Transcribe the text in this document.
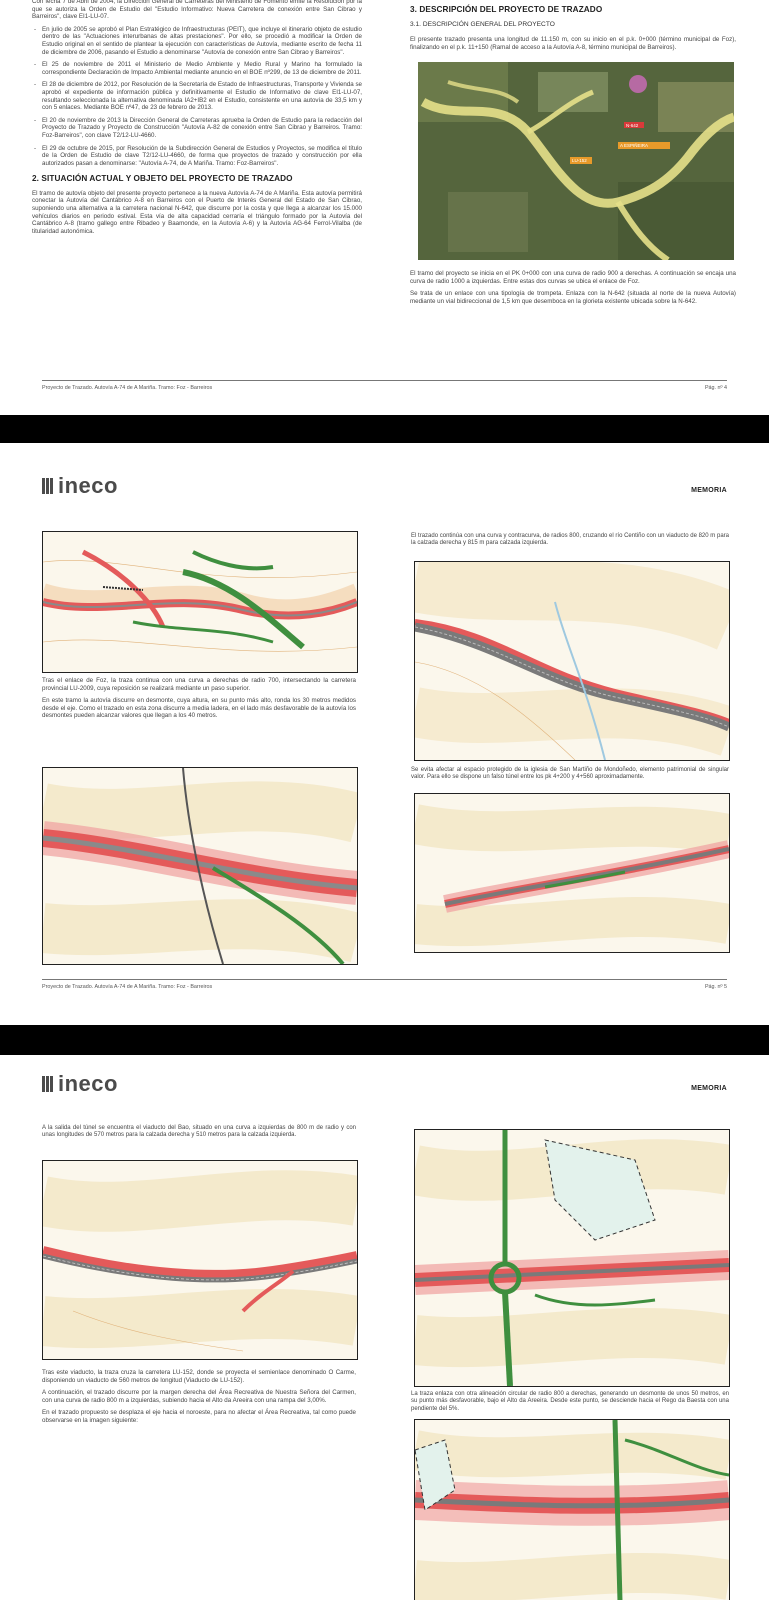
Con fecha 7 de Abril de 2004, la Dirección General de Carreteras del Ministerio de Fomento emite la Resolución por la que se autoriza la Orden de Estudio del "Estudio Informativo: Nueva Carretera de conexión entre San Cibrao y Barreiros", clave EI1-LU-07.

- En julio de 2005 se aprobó el Plan Estratégico de Infraestructuras (PEIT), que incluye el itinerario objeto de estudio dentro de las "Actuaciones interurbanas de altas prestaciones". Por ello, se procedió a modificar la Orden de Estudio original en el sentido de plantear la ejecución con características de Autovía, mediante escrito de fecha 11 de diciembre de 2006, pasando el Estudio a denominarse "Autovía de conexión entre San Cibrao y Barreiros".

- El 25 de noviembre de 2011 el Ministerio de Medio Ambiente y Medio Rural y Marino ha formulado la correspondiente Declaración de Impacto Ambiental mediante anuncio en el BOE nº299, de 13 de diciembre de 2011.

- El 28 de diciembre de 2012, por Resolución de la Secretaría de Estado de Infraestructuras, Transporte y Vivienda se aprobó el expediente de información pública y definitivamente el Estudio de Informativo de clave EI1-LU-07, resultando seleccionada la alternativa denominada IA2+IB2 en el Estudio, consistente en una autovía de 33,5 km y con 5 enlaces. Mediante BOE nº47, de 23 de febrero de 2013.

- El 20 de noviembre de 2013 la Dirección General de Carreteras aprueba la Orden de Estudio para la redacción del Proyecto de Trazado y Proyecto de Construcción "Autovía A-82 de conexión entre San Cibrao y Barreiros. Tramo: Foz-Barreiros", con clave T2/12-LU-4660.

- El 29 de octubre de 2015, por Resolución de la Subdirección General de Estudios y Proyectos, se modifica el título de la Orden de Estudio de clave T2/12-LU-4660, de forma que proyectos de trazado y construcción por ella autorizados pasan a denominarse: "Autovía A-74, de A Mariña. Tramo: Foz-Barreiros".

2. SITUACIÓN ACTUAL Y OBJETO DEL PROYECTO DE TRAZADO

El tramo de autovía objeto del presente proyecto pertenece a la nueva Autovía A-74 de A Mariña. Esta autovía permitirá conectar la Autovía del Cantábrico A-8 en Barreiros con el Puerto de Interés General del Estado de San Cibrao, suponiendo una alternativa a la carretera nacional N-642, que discurre por la costa y que llega a alcanzar los 15.000 vehículos diarios en periodo estival. Esta vía de alta capacidad cerraría el triángulo formado por la Autovía del Cantábrico A-8 (tramo gallego entre Ribadeo y Baamonde, en la Autovía A-6) y la Autovía AG-64 Ferrol-Vilalba (de titularidad autonómica.

3. DESCRIPCIÓN DEL PROYECTO DE TRAZADO
3.1. DESCRIPCIÓN GENERAL DEL PROYECTO

El presente trazado presenta una longitud de 11.150 m, con su inicio en el p.k. 0+000 (término municipal de Foz), finalizando en el p.k. 11+150 (Ramal de acceso a la Autovía A-8, término municipal de Barreiros).

N-642
LU-152
A ESPIÑEIRA

El tramo del proyecto se inicia en el PK 0+000 con una curva de radio 900 a derechas. A continuación se encaja una curva de radio 1000 a izquierdas. Entre estas dos curvas se ubica el enlace de Foz.

Se trata de un enlace con una tipología de trompeta. Enlaza con la N-642 (situada al norte de la nueva Autovía) mediante un vial bidireccional de 1,5 km que desemboca en la glorieta existente ubicada sobre la N-642.

Proyecto de Trazado. Autovía A-74 de A Mariña. Tramo: Foz - Barreiros	Pág. nº 4
ineco	MEMORIA
El trazado continúa con una curva y contracurva, de radios 800, cruzando el río Centiño con un viaducto de 820 m para la calzada derecha y 815 m para calzada izquierda.

Tras el enlace de Foz, la traza continua con una curva a derechas de radio 700, intersectando la carretera provincial LU-2009, cuya reposición se realizará mediante un paso superior.

En este tramo la autovía discurre en desmonte, cuya altura, en su punto más alto, ronda los 30 metros medidos desde el eje. Como el trazado en esta zona discurre a media ladera, en el lado más desfavorable de la autovía los desmontes pueden alcanzar valores que llegan a los 40 metros.

Se evita afectar al espacio protegido de la iglesia de San Martiño de Mondoñedo, elemento patrimonial de singular valor. Para ello se dispone un falso túnel entre los pk 4+200 y 4+560 aproximadamente.
Proyecto de Trazado. Autovía A-74 de A Mariña. Tramo: Foz - Barreiros	Pág. nº 5
ineco	MEMORIA
A la salida del túnel se encuentra el viaducto del Bao, situado en una curva a izquierdas de 800 m de radio y con unas longitudes de 570 metros para la calzada derecha y 510 metros para la calzada izquierda.
La traza enlaza con otra alineación circular de radio 800 a derechas, generando un desmonte de unos 50 metros, en su punto más desfavorable, bajo el Alto da Areeira. Desde este punto, se desciende hacia el Rego da Baesta con una pendiente del 5%.

Tras este viaducto, la traza cruza la carretera LU-152, donde se proyecta el semienlace denominado O Carme, disponiendo un viaducto de 560 metros de longitud (Viaducto de LU-152).

A continuación, el trazado discurre por la margen derecha del Área Recreativa de Nuestra Señora del Carmen, con una curva de radio 800 m a izquierdas, subiendo hacia el Alto da Areeira con una rampa del 3,00%.

En el trazado propuesto se desplaza el eje hacia el noroeste, para no afectar el Área Recreativa, tal como puede observarse en la imagen siguiente:
